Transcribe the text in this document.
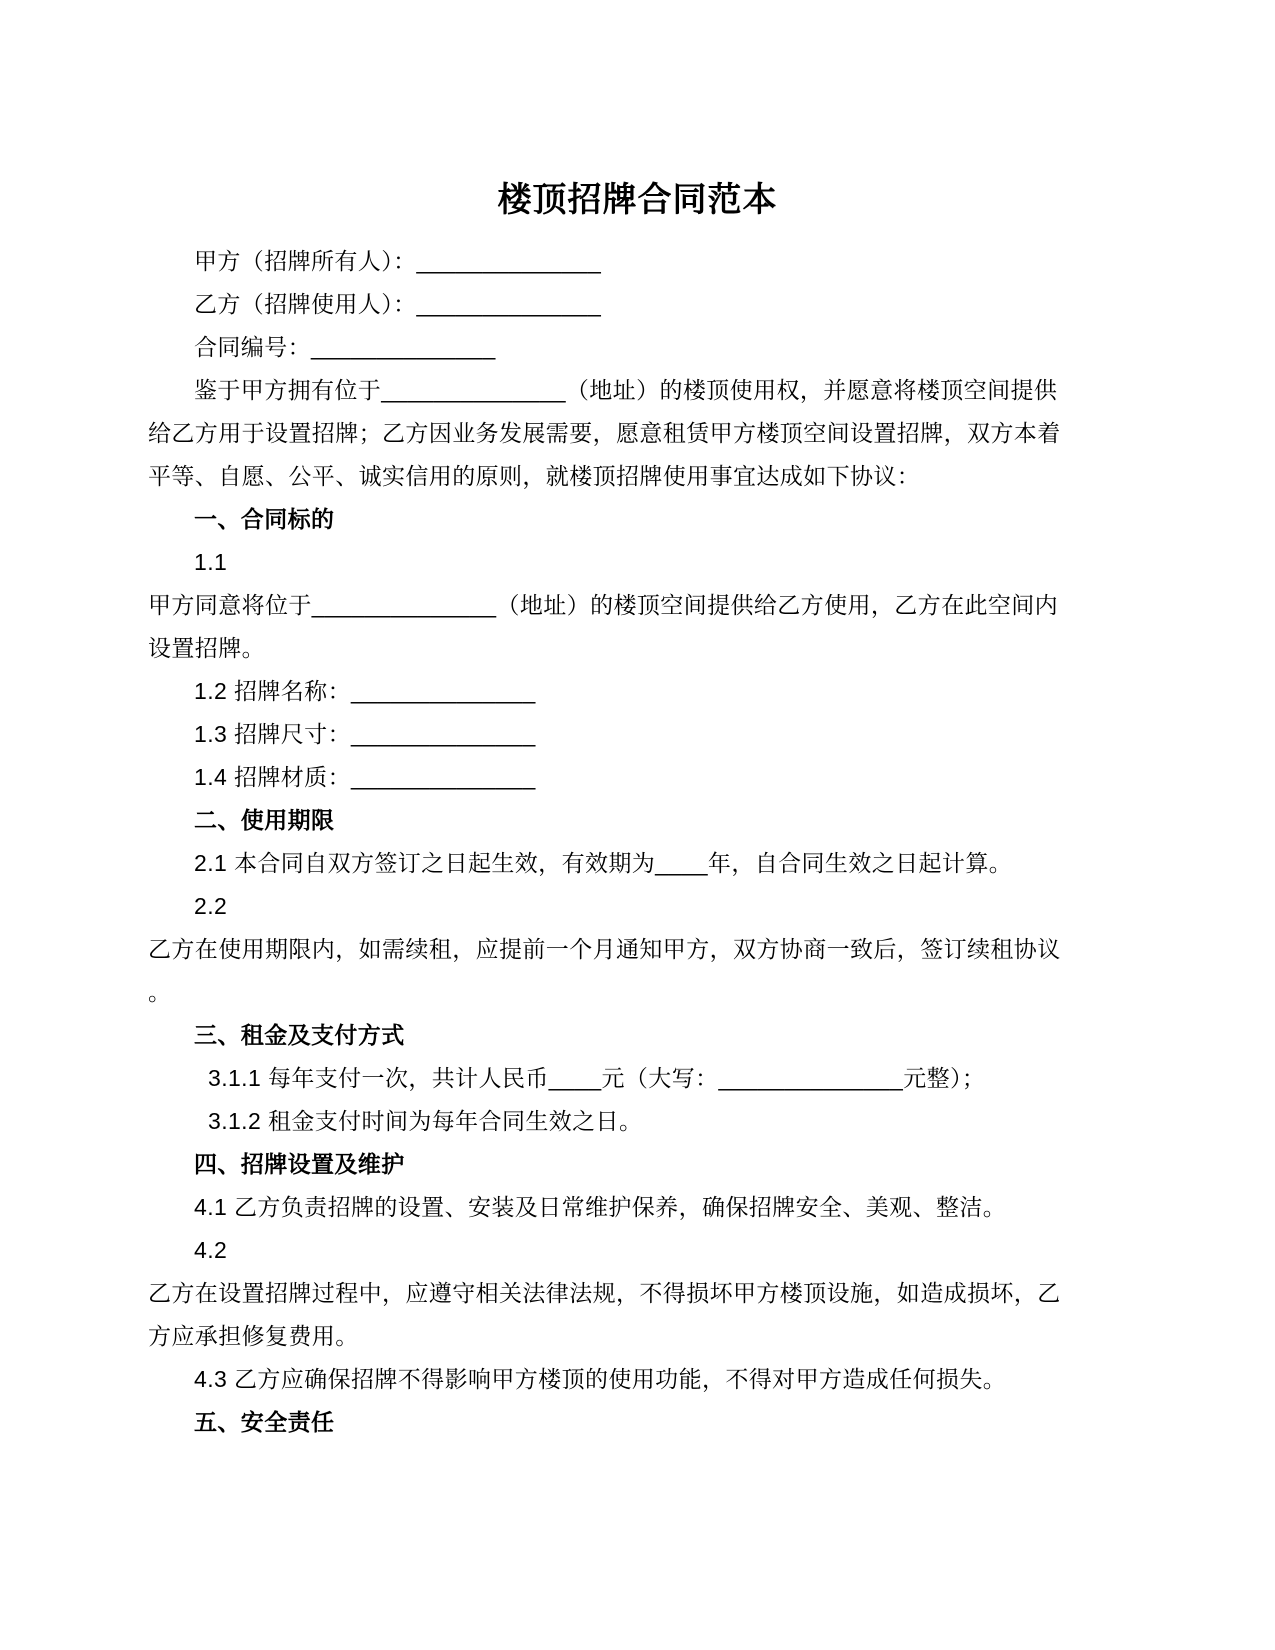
楼顶招牌合同范本
甲方（招牌所有人）：______________
乙方（招牌使用人）：______________
合同编号：______________
鉴于甲方拥有位于______________（地址）的楼顶使用权，并愿意将楼顶空间提供
给乙方用于设置招牌；乙方因业务发展需要，愿意租赁甲方楼顶空间设置招牌，双方本着
平等、自愿、公平、诚实信用的原则，就楼顶招牌使用事宜达成如下协议：
一、合同标的
1.1
甲方同意将位于______________（地址）的楼顶空间提供给乙方使用，乙方在此空间内
设置招牌。
1.2 招牌名称：______________
1.3 招牌尺寸：______________
1.4 招牌材质：______________
二、使用期限
2.1 本合同自双方签订之日起生效，有效期为____年，自合同生效之日起计算。
2.2
乙方在使用期限内，如需续租，应提前一个月通知甲方，双方协商一致后，签订续租协议
。
三、租金及支付方式
3.1.1 每年支付一次，共计人民币____元（大写：______________元整）；
3.1.2 租金支付时间为每年合同生效之日。
四、招牌设置及维护
4.1 乙方负责招牌的设置、安装及日常维护保养，确保招牌安全、美观、整洁。
4.2
乙方在设置招牌过程中，应遵守相关法律法规，不得损坏甲方楼顶设施，如造成损坏，乙
方应承担修复费用。
4.3 乙方应确保招牌不得影响甲方楼顶的使用功能，不得对甲方造成任何损失。
五、安全责任
